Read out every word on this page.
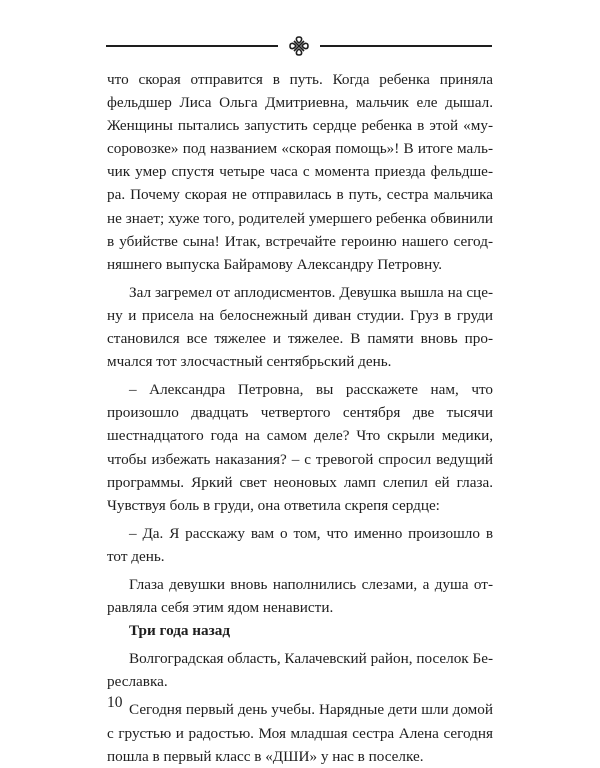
что скорая отправится в путь. Когда ребенка приняла фельдшер Лиса Ольга Дмитриевна, мальчик еле дышал. Женщины пытались запустить сердце ребенка в этой «мусоровозке» под названием «скорая помощь»! В итоге мальчик умер спустя четыре часа с момента приезда фельдшера. Почему скорая не отправилась в путь, сестра мальчика не знает; хуже того, родителей умершего ребенка обвинили в убийстве сына! Итак, встречайте героиню нашего сегодняшнего выпуска Байрамову Александру Петровну.

Зал загремел от аплодисментов. Девушка вышла на сцену и присела на белоснежный диван студии. Груз в груди становился все тяжелее и тяжелее. В памяти вновь промчался тот злосчастный сентябрьский день.

– Александра Петровна, вы расскажете нам, что произошло двадцать четвертого сентября две тысячи шестнадцатого года на самом деле? Что скрыли медики, чтобы избежать наказания? – с тревогой спросил ведущий программы. Яркий свет неоновых ламп слепил ей глаза. Чувствуя боль в груди, она ответила скрепя сердце:

– Да. Я расскажу вам о том, что именно произошло в тот день.

Глаза девушки вновь наполнились слезами, а душа отравляла себя этим ядом ненависти.

Три года назад

Волгоградская область, Калачевский район, поселок Береславка.

Сегодня первый день учебы. Нарядные дети шли домой с грустью и радостью. Моя младшая сестра Алена сегодня пошла в первый класс в «ДШИ» у нас в поселке.

10
